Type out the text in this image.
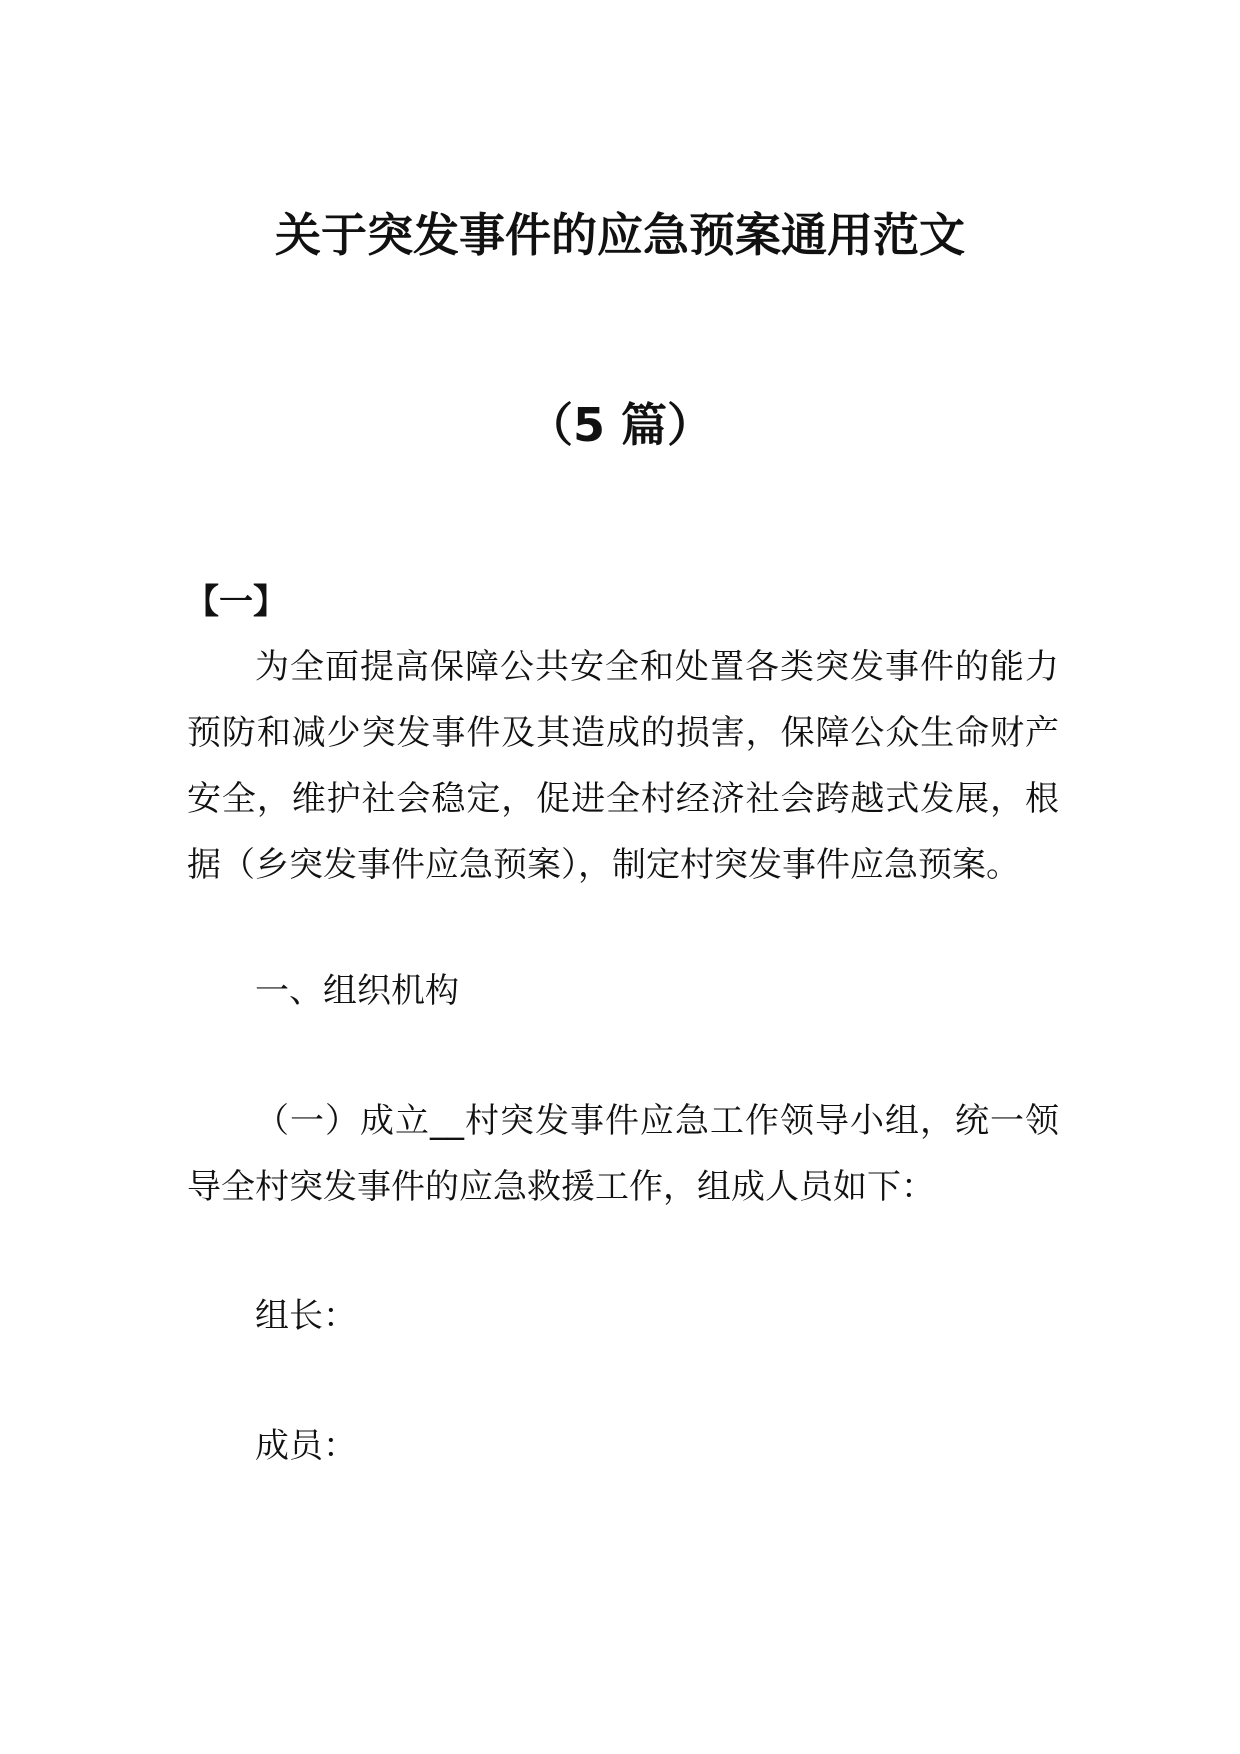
关于突发事件的应急预案通用范文
（5 篇）

【一】

为全面提高保障公共安全和处置各类突发事件的能力预防和减少突发事件及其造成的损害，保障公众生命财产安全，维护社会稳定，促进全村经济社会跨越式发展，根据（乡突发事件应急预案），制定村突发事件应急预案。

一、组织机构

（一）成立__村突发事件应急工作领导小组，统一领导全村突发事件的应急救援工作，组成人员如下：

组长：

成员：
